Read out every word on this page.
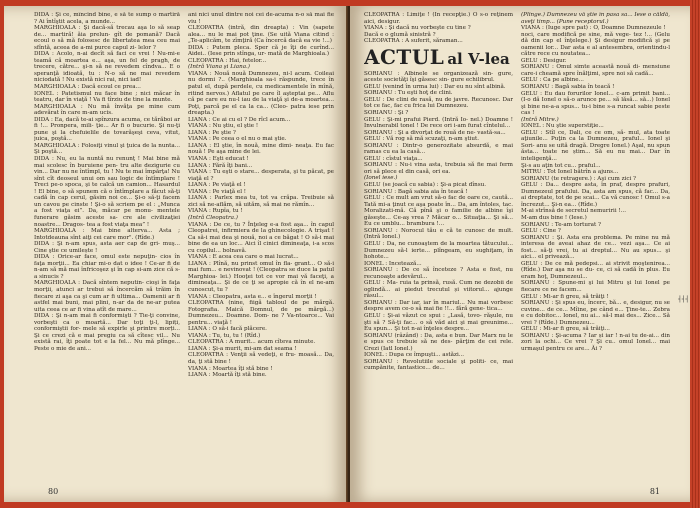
DIDA : Şi ce, mîncînd bine, e să te sump o martiră ? Ai întîştit acela, a munde...

MARGHIOALA : Şi dacă-să trecau aşa lo să seap de... martiră! ăia prelun- gît de pomană? Dacă ecoul o să mă folosesc de libertatea mea ceu mai sfîntă, aceea de a-mi purce capul zi- lelor ?

DIDA : Acolo, n-ai decît să faci ce vrei ! Nu-mi-e teamă că moartea e... aşa, un fel de pragh, de trecere, către... şi-n să ne revedem cîndva... E o speranţă idioată, tu : N-o să ne mai revedem niciodată ! Nu există nici rai, nici iad!

MARGHIOALA : Dacă ecoul ce prea...

IONEL : Patetismul nu face bine ; nici măcar în teatru, dar în viaţă ! Va fi tîrziu de tine la munte.

MARGHIOALA : Nu mă învăţa pe mine cum adevărat în care m-am ucis.

DIDA : Ea, dacă te-ai spînzura acuma, ce tărăboi ar fi !... Pronpera, mili- ţie... Ar fi o bucurie. Şi nu-ţi pune şi la chefuielile de tovarăşeşi ceva, vitut, juica, poştă...

MARGHIOALA : Folosiţi vinul şi ţuica de la nunta... Şi poştă...

DIDA : Nu, eu la nuntă nu renunţ ! Mai bine mă mai scolesc în buruiene pen- tru alte dezigurie cu vin... Dar nu ne întîmpl, tu ! Nu te mai împărţa! Nu sînt cît deoseul unui om sau logic de întîmplare ! Treci pe-o spoca, şi te calcă un camion... Hasardul ! El bine, o să spunem că o întîmplare a făcut să-ţi cadă în cap cerul, găsim noi ce... Şi-o să-ţi facem un cavou pe cinste ! Şi-o să scriem pe el : „Munca a fost viaţa ei”. Da, măcar pe monu- mentele funerare găsim aceste sa- cre ale civilizaţiei noastre... Dragos- tea a fost viaţa mea” !

MARGHIOALA : Mai bine alterva... Asta ; Intotdeauna sînt aiţi cei care mor". (Rîde.)

DIDA : Şi n-am spus, asta aer cap de gri- muş... Cine ştie ce umilește !

DIDA : Orice-ar face, omul este nepuţin- cios în faţa morţii... Ea chiar mi-o dat o idee ! Ce-ar fi de n-am să mă mai înfricoşez şi în cap si-am zice că s-a sinucis ?

MARGHIOALA : Dacă sîntem neputin- cioşi în faţa morţii, atunci ar trebui să încercăm să trăim în fiecare zi aşa ca şi cum ar fi ultima... Oamenii ar fi astfel mai buni, mai plini, n-ar da de ne-ar putea uita ceea ce ar fi vina atît de mare...

DIDA : Şi n-am mai fi conformişti ? Tie-ţi convine, vorbeşti ca o moartă... Dar toţi ţi-l, lipiți, conformiştii for- mele să expirle şi printre morți... Şi ce crezi că e mai pregiu ca să cîtesc vil... Nu există rai, îţi poate tot e la fel... Nu mă plînge... Peste o mie de ani...

ani nici unul dintre noi cei de-acuma n-o să mai fie viu !

CLEOPATRA (intră, din dreapta) : Vin (sapete alea... nu le mai pot ţine. (Se uită Viana citind : „Te-aplicăm, te zîmţiră (Ca încercă dacă ea vie !...)

DIDA : Putem pleca. Sper că je îţi de curînd... Aidei.. (Iese prin stînga, ur- mată de Marghioala.)

CLEOPATRA : Hai, fetelor...

(Intră Viana şi Liana.)

VIANA : Nouă nouă Dumnezeu, ni-l acum. Coileai nu dormi ?.. (Marghioala sa-i răspunde, trece în patul el, după perdele, cu medicamentele în mînă, ritind nervos.) Aflatul pe care îl aşteptai pe... Aflu că pe care eu nu-l iau de la viaţă şi de-a moartea... Poţi, parcă pe el ca la ca... (Cleo- patra iese prin dreapta.)

LIANA : Ce ai cu el ? De rîcl acum...

VIANA : Nu ştiu, el ştie !

LIANA : Pe ştie ?

VIANA : Pe ceea o el nu o mai ştie.

LIANA : El ştie, în nouă, mine dimi- neaţa. Eu fac nouă ! Pe aşa mine de lei.

VIANA : Eşti educat !

LIANA : Fără îţi bani...

VIANA : Tu eşti o stare... desperata, şi tu păcat, pe viaţă el ?

LIANA : Pe viaţă el !

VIANA : Pe viaţă el !

LIANA : Parlex mea tu, tot va crăpa. Treibuie să zici să ne-aflăm, să uităm, să mai ne rămîn...

VIANA : Rupîa, tu !

(Intră Cleopatra.)

VIANA : De ce, tu ? Înţeleg e-a fost aşa... în capul Cleopatrei, infirmiera de la ghinecologie. A trişat ! Ca să-i mai dea şi nouă, noi a ce băgat ! O să-i mai bine de ea un loc... Aici îl cinici dimineaţa, i-a scos cu copilul... bolnavă.

VIANA : E acea cea care o mai lucrat...

LIANA : Plînă, nu prinst omul în fla- grant... O să-i mai fum... e nevinovat ! (Cleopatra se duce la patul Marghioa- lei.) Hooţei tot ce vor mai vă faceţi, a dimineaţa... Şi de ce ţi se apropie că în el ne-am cunoscut, tu ?

VIANA : Cleopatra, asta e... e îngerul morţii !

CLEOPATRA (nine, fiigă tabloul de pe mărgă. Fotografia. Maică Domnul, de pe mărgă...) Dumnezeu... Doamne. Dom- ne ? Va-ntoarce... Vai pentru... viaţă !

LIANA : O să-i facă plăcere.

VIANA : Tu, tu, tu ! (Rîd.)

CLEOPATRA : A murit... acum cîteva minute.

LIANA : Şi-a murit, mi-am dat seama !

CLEOPATRA : Venţii să vedeţi, e fru- moasă... Da, da, ţi stă bine !

VIANA : Moartea îţi stă bine !

LIANA : Moartă îţi stă bine.

80

CLEOPATRA : Limiţe ! (In recepţie.) O s-o reţinem aici, desigur.

VIANA : Şi dacă nu vorbeşte cu tine ?

Dacă e o glumă sinistră ?

CLEOPATRA : A suferit, săraman...

ACTUL al V-lea

SORIANU : Albinele se organizează sin- gure, aceste societăţi îşi găsesc sin- gure echilibrul.

GELU (venind în urma lui) : Dar eu nu sînt albină.

SORIANU : Tu eşti hoţ de clini.

GELU : De clini de rasă, nu de javre. Recunosc. Dar tot ce fac, fac cu frica lui Dumnezeu.

SORIANU : Şi ?

GELU : Şi-mi prafui Pierd. (Intră Io- nel.) Doamne ! Invulnerabil tonel ! De rece ori i-am furat cîntelul...

SORIANU : Şi a divorţat de rouă de ne- vastă-sa...

GELU : Vă rog să mă scuzaţi, n-am ştiut.

SORIANU : Dintr-o generozitate absurdă, e mai ramas cu ea la casă...

GELU : cîstul viaţa...

SORIANU : Nu-i vina asta, trebuia să fie mai ferm ori să plece el din casă, ori ea.

(Ionel iese.)

GELU (se joacă cu sabia) : Şi-a picat dînsu.

SORIANU : Bagă sabia aia în teacă !

GELU : Ce mult am vrut să-o fac de oare ce, caută... Tată mi-a ţinut ce aşa poate în... Da, am întoles, tac. Moralizati-mă. Că pînă şi o familie de albine îşi găseşte... Ce-aş vrea ? Măcar o... Situaţia... Şi să... Eu ce umblu... brambura !...

SORIANU : Norocul tău e că te cunosc de mult. (Intră Ionel.)

GELU : Da, ne cunoaştem de la moartea tătucului... Dumnezeu să-l ierte... plîngeam, eu sughiţam, în hohote...

IONEL : Incetează...

SORIANU : De ce să înceteze ? Asta e fost, nu recunoaşte adevărul...

GELU : Ma- ruia ta prinsă, rusă. Cum ne dezobii de oglindă... ai piedut trecutul și viitorul... ajunge râsul...

SORIANU : Dar iar, iar în mariul... Nu mai vorbesc despre avem ce-o să mai fie !!... fără gene- tica...

GELU : Şi-ai văzut ce spui : „Lasă, tovo- răşule, nu şti să ? Să-ţi fac... o să văd aici şi mai greunime... Eu spun... Şi tot n-ai înţeles despre...

SORIANU (râzând) : Da, asta e bun. Dar Marx nu le e spus ce trebuie să ne des- părţim de cei rele. Crezi (Iatl Ionel.)

IONEL : Dupa ce împuşti... astăzi...

SORIANU : Revolutiile sociale şi politi- ce, mai cumpănite, fantastice... de...

(Plînge.) Dumnezeu vă ştie în pasa sa... Iese o căldă, aveţi timp... (Pune receptorul.)

VIANA : (Iuge spre pat) : O, Doamne Dumnezeule !

noci, care modifică pe sine, mă vege- tez !... (Gelu dă din cap el înţelege.) Şi desigur modifică şi pe oamenii lor... Dar asta e al antesembra, orientindu-l către rece cu noutatea...

GELU : Desigur.

SORIANU : Omul simte această nouă di- mensiune care-i cheamă spre înălţimi, spre noi să cadă...

GELU : Ca pe albine...

SORIANU : Bagă sabia în teacă !

GELU : Eu dau forurilor Ionel... c-am primit bani... (I-o dă Ionel o să-o arunce pe... să lăsă... să...) Ionel şi bine ne-a-a spus... tu-i bine s-a runcat sabie peste cas !

(Intră Mitre.)

IONEL : Nu ştie superstiţie...

GELU : Stîl ce, Dali, ce ce om, să- mul, ata toate aţiunile... Puţin ca la Dumnezeu, praful... Ionel şi Sori- anu se uită dragă. Dregre Ionel.) Aşal, nu spun ăsta... toate ne știm... Să eu nu mai... Dar în inteligenţă...

Şi-s au aţin tot cu... praful...

MITRU : Tot Ionel bătrîn a ajuns...

SORIANU (te retragere.) : Aşi cum zici ?

GELU : Da... despre asta, în praf, despre prafuri, Dumnezeul prafului. Da, asta am spus, că fac... Da, ai dreptate, tot de pe scai... Ca vă cunosc ! Omul s-a încrezut... Şi-n ea... (Rîde.)

M-ai strînsă de secretul nemuririi !...

M-am dus bine ! (Iese.)

SORIANU : Te-am torturat ?

GELU : Cine ?

SORIANU : Şi. Asta era problema. Pe mine nu mă interesa de aveai ahaz de ce... vezi aşa... Ce ai fost... să-ţi vrei, tu ai dreptul... Nu au spus... şi aici... el privează...

GELU : De ce mă pedepsi... ai strivit moştenirea... (Rîde.) Dar aşa nu se du- ce, ci să cadă în plus. Eu eram hoţ, Dumnezeul...

SORIANU : Spune-mi şi lui Mitru şi lui Ionel pe fiecare ce ne facem...

GELU : Mi-ar fi greu, să trăiţi !

SORIANU : Şi spus eu, încerc, bă... e, desigur, nu se cuvine... de ce... Mîine, pe când e... Ţine-te... Zebra e cu dobitoc... Ionel, nu ai... să-l mai des... Zice... Să vrei ? (Rîde.) Dumnezeu...

GELU : Mi-ar fi greu, să trăiţi...

SORIANU : Şi-acuma ? Iar și iar ! n-ai tu de-ai... din zori la ochi... Ce vrei ? Şi cu.. omul Ionel... mai urmaşul pentru ce are... Ăi ?

81
┤┤┤
